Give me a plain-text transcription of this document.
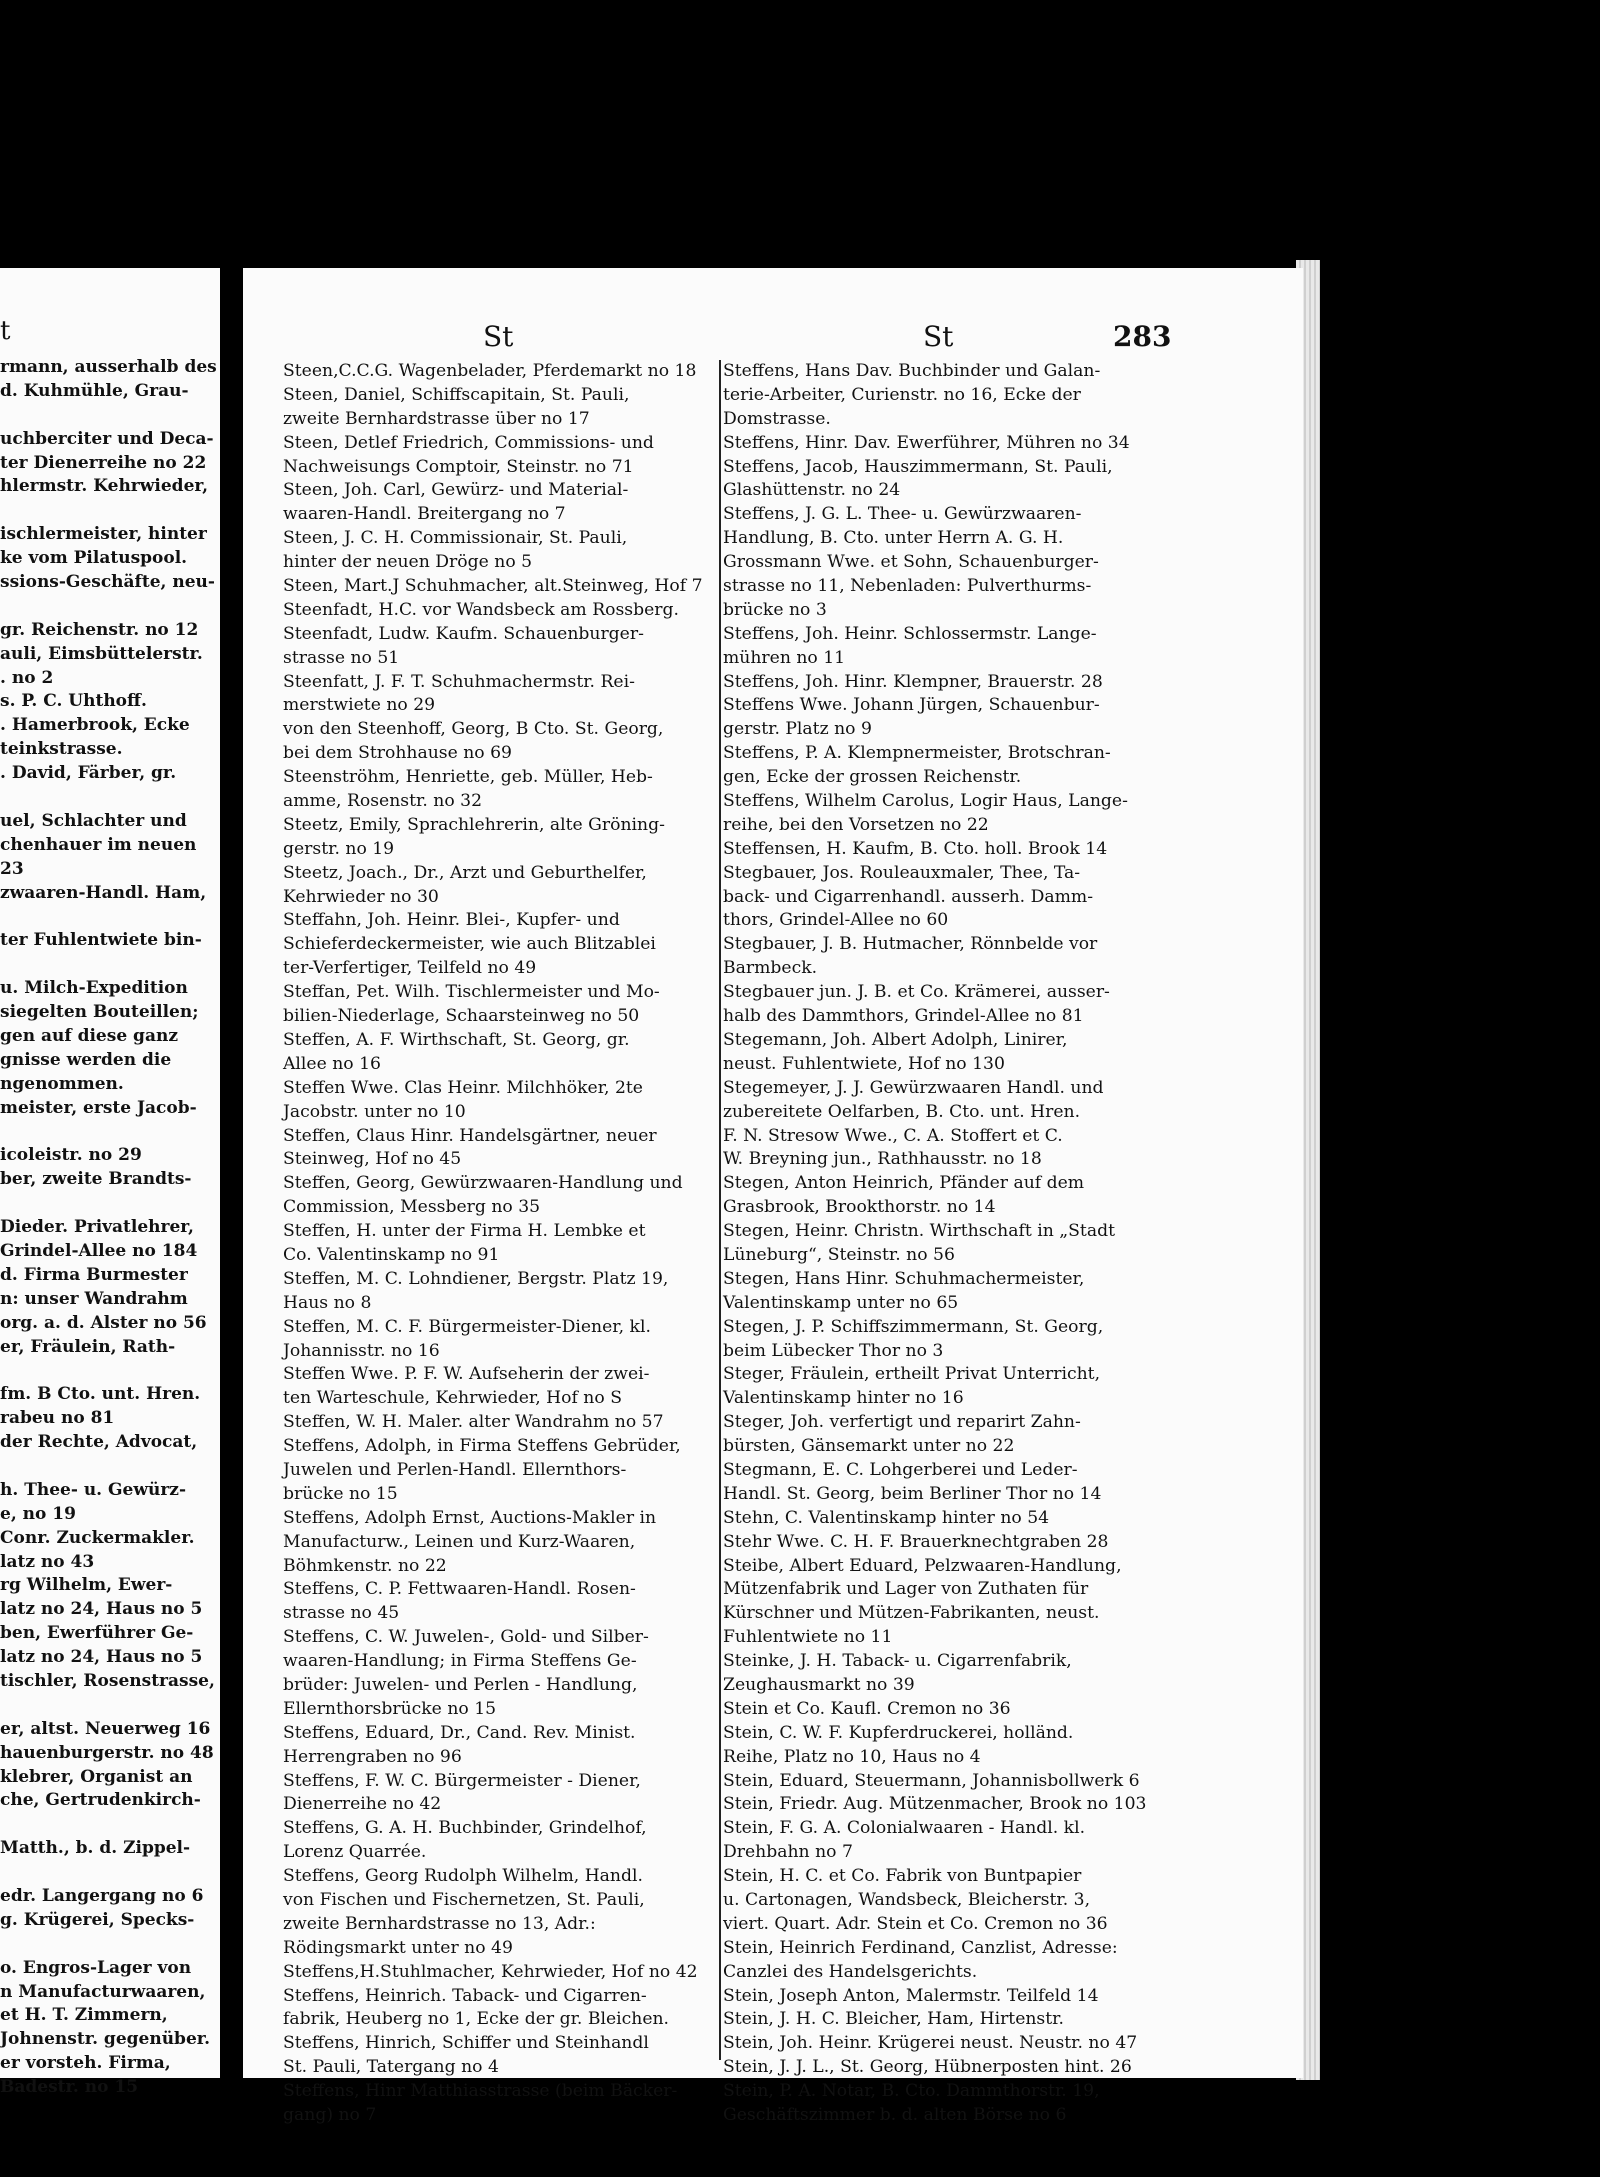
t
rmann, ausserhalb des
d. Kuhmühle, Grau-
uchberciter und Deca-
ter Dienerreihe no 22
hlermstr. Kehrwieder,
ischlermeister, hinter
ke vom Pilatuspool.
ssions-Geschäfte, neu-
gr. Reichenstr. no 12
auli, Eimsbüttelerstr.
. no 2
s. P. C. Uhthoff.
. Hamerbrook, Ecke
teinkstrasse.
. David, Färber, gr.
uel, Schlachter und
chenhauer im neuen
23
zwaaren-Handl. Ham,
ter Fuhlentwiete bin-
u. Milch-Expedition
siegelten Bouteillen;
gen auf diese ganz
gnisse werden die
ngenommen.
meister, erste Jacob-
icoleistr. no 29
ber, zweite Brandts-
Dieder. Privatlehrer,
Grindel-Allee no 184
d. Firma Burmester
n: unser Wandrahm
org. a. d. Alster no 56
er, Fräulein, Rath-
fm. B Cto. unt. Hren.
rabeu no 81
der Rechte, Advocat,
h. Thee- u. Gewürz-
e, no 19
Conr. Zuckermakler.
latz no 43
rg Wilhelm, Ewer-
latz no 24, Haus no 5
ben, Ewerführer Ge-
latz no 24, Haus no 5
tischler, Rosenstrasse,
er, altst. Neuerweg 16
hauenburgerstr. no 48
klebrer, Organist an
che, Gertrudenkirch-
Matth., b. d. Zippel-
edr. Langergang no 6
g. Krügerei, Specks-
o. Engros-Lager von
n Manufacturwaaren,
et H. T. Zimmern,
Johnenstr. gegenüber.
er vorsteh. Firma,
Badestr. no 15
St	St	283
Steen,C.C.G. Wagenbelader, Pferdemarkt no 18
Steen, Daniel, Schiffscapitain, St. Pauli,
zweite Bernhardstrasse über no 17
Steen, Detlef Friedrich, Commissions- und
Nachweisungs Comptoir, Steinstr. no 71
Steen, Joh. Carl, Gewürz- und Material-
waaren-Handl. Breitergang no 7
Steen, J. C. H. Commissionair, St. Pauli,
hinter der neuen Dröge no 5
Steen, Mart.J Schuhmacher, alt.Steinweg, Hof 7
Steenfadt, H.C. vor Wandsbeck am Rossberg.
Steenfadt, Ludw. Kaufm. Schauenburger-
strasse no 51
Steenfatt, J. F. T. Schuhmachermstr. Rei-
merstwiete no 29
von den Steenhoff, Georg, B Cto. St. Georg,
bei dem Strohhause no 69
Steenströhm, Henriette, geb. Müller, Heb-
amme, Rosenstr. no 32
Steetz, Emily, Sprachlehrerin, alte Gröning-
gerstr. no 19
Steetz, Joach., Dr., Arzt und Geburthelfer,
Kehrwieder no 30
Steffahn, Joh. Heinr. Blei-, Kupfer- und
Schieferdeckermeister, wie auch Blitzablei
ter-Verfertiger, Teilfeld no 49
Steffan, Pet. Wilh. Tischlermeister und Mo-
bilien-Niederlage, Schaarsteinweg no 50
Steffen, A. F. Wirthschaft, St. Georg, gr.
Allee no 16
Steffen Wwe. Clas Heinr. Milchhöker, 2te
Jacobstr. unter no 10
Steffen, Claus Hinr. Handelsgärtner, neuer
Steinweg, Hof no 45
Steffen, Georg, Gewürzwaaren-Handlung und
Commission, Messberg no 35
Steffen, H. unter der Firma H. Lembke et
Co. Valentinskamp no 91
Steffen, M. C. Lohndiener, Bergstr. Platz 19,
Haus no 8
Steffen, M. C. F. Bürgermeister-Diener, kl.
Johannisstr. no 16
Steffen Wwe. P. F. W. Aufseherin der zwei-
ten Warteschule, Kehrwieder, Hof no S
Steffen, W. H. Maler. alter Wandrahm no 57
Steffens, Adolph, in Firma Steffens Gebrüder,
Juwelen und Perlen-Handl. Ellernthors-
brücke no 15
Steffens, Adolph Ernst, Auctions-Makler in
Manufacturw., Leinen und Kurz-Waaren,
Böhmkenstr. no 22
Steffens, C. P. Fettwaaren-Handl. Rosen-
strasse no 45
Steffens, C. W. Juwelen-, Gold- und Silber-
waaren-Handlung; in Firma Steffens Ge-
brüder: Juwelen- und Perlen - Handlung,
Ellernthorsbrücke no 15
Steffens, Eduard, Dr., Cand. Rev. Minist.
Herrengraben no 96
Steffens, F. W. C. Bürgermeister - Diener,
Dienerreihe no 42
Steffens, G. A. H. Buchbinder, Grindelhof,
Lorenz Quarrée.
Steffens, Georg Rudolph Wilhelm, Handl.
von Fischen und Fischernetzen, St. Pauli,
zweite Bernhardstrasse no 13, Adr.:
Rödingsmarkt unter no 49
Steffens,H.Stuhlmacher, Kehrwieder, Hof no 42
Steffens, Heinrich. Taback- und Cigarren-
fabrik, Heuberg no 1, Ecke der gr. Bleichen.
Steffens, Hinrich, Schiffer und Steinhandl
St. Pauli, Tatergang no 4
Steffens, Hinr Matthiasstrasse (beim Bäcker-
gang) no 7
Steffens, Hans Dav. Buchbinder und Galan-
terie-Arbeiter, Curienstr. no 16, Ecke der
Domstrasse.
Steffens, Hinr. Dav. Ewerführer, Mühren no 34
Steffens, Jacob, Hauszimmermann, St. Pauli,
Glashüttenstr. no 24
Steffens, J. G. L. Thee- u. Gewürzwaaren-
Handlung, B. Cto. unter Herrn A. G. H.
Grossmann Wwe. et Sohn, Schauenburger-
strasse no 11, Nebenladen: Pulverthurms-
brücke no 3
Steffens, Joh. Heinr. Schlossermstr. Lange-
mühren no 11
Steffens, Joh. Hinr. Klempner, Brauerstr. 28
Steffens Wwe. Johann Jürgen, Schauenbur-
gerstr. Platz no 9
Steffens, P. A. Klempnermeister, Brotschran-
gen, Ecke der grossen Reichenstr.
Steffens, Wilhelm Carolus, Logir Haus, Lange-
reihe, bei den Vorsetzen no 22
Steffensen, H. Kaufm, B. Cto. holl. Brook 14
Stegbauer, Jos. Rouleauxmaler, Thee, Ta-
back- und Cigarrenhandl. ausserh. Damm-
thors, Grindel-Allee no 60
Stegbauer, J. B. Hutmacher, Rönnbelde vor
Barmbeck.
Stegbauer jun. J. B. et Co. Krämerei, ausser-
halb des Dammthors, Grindel-Allee no 81
Stegemann, Joh. Albert Adolph, Linirer,
neust. Fuhlentwiete, Hof no 130
Stegemeyer, J. J. Gewürzwaaren Handl. und
zubereitete Oelfarben, B. Cto. unt. Hren.
F. N. Stresow Wwe., C. A. Stoffert et C.
W. Breyning jun., Rathhausstr. no 18
Stegen, Anton Heinrich, Pfänder auf dem
Grasbrook, Brookthorstr. no 14
Stegen, Heinr. Christn. Wirthschaft in „Stadt
Lüneburg“, Steinstr. no 56
Stegen, Hans Hinr. Schuhmachermeister,
Valentinskamp unter no 65
Stegen, J. P. Schiffszimmermann, St. Georg,
beim Lübecker Thor no 3
Steger, Fräulein, ertheilt Privat Unterricht,
Valentinskamp hinter no 16
Steger, Joh. verfertigt und reparirt Zahn-
bürsten, Gänsemarkt unter no 22
Stegmann, E. C. Lohgerberei und Leder-
Handl. St. Georg, beim Berliner Thor no 14
Stehn, C. Valentinskamp hinter no 54
Stehr Wwe. C. H. F. Brauerknechtgraben 28
Steibe, Albert Eduard, Pelzwaaren-Handlung,
Mützenfabrik und Lager von Zuthaten für
Kürschner und Mützen-Fabrikanten, neust.
Fuhlentwiete no 11
Steinke, J. H. Taback- u. Cigarrenfabrik,
Zeughausmarkt no 39
Stein et Co. Kaufl. Cremon no 36
Stein, C. W. F. Kupferdruckerei, holländ.
Reihe, Platz no 10, Haus no 4
Stein, Eduard, Steuermann, Johannisbollwerk 6
Stein, Friedr. Aug. Mützenmacher, Brook no 103
Stein, F. G. A. Colonialwaaren - Handl. kl.
Drehbahn no 7
Stein, H. C. et Co. Fabrik von Buntpapier
u. Cartonagen, Wandsbeck, Bleicherstr. 3,
viert. Quart. Adr. Stein et Co. Cremon no 36
Stein, Heinrich Ferdinand, Canzlist, Adresse:
Canzlei des Handelsgerichts.
Stein, Joseph Anton, Malermstr. Teilfeld 14
Stein, J. H. C. Bleicher, Ham, Hirtenstr.
Stein, Joh. Heinr. Krügerei neust. Neustr. no 47
Stein, J. J. L., St. Georg, Hübnerposten hint. 26
Stein, P. A. Notar, B. Cto. Dammthorstr. 19,
Geschäftszimmer b. d. alten Börse no 6
